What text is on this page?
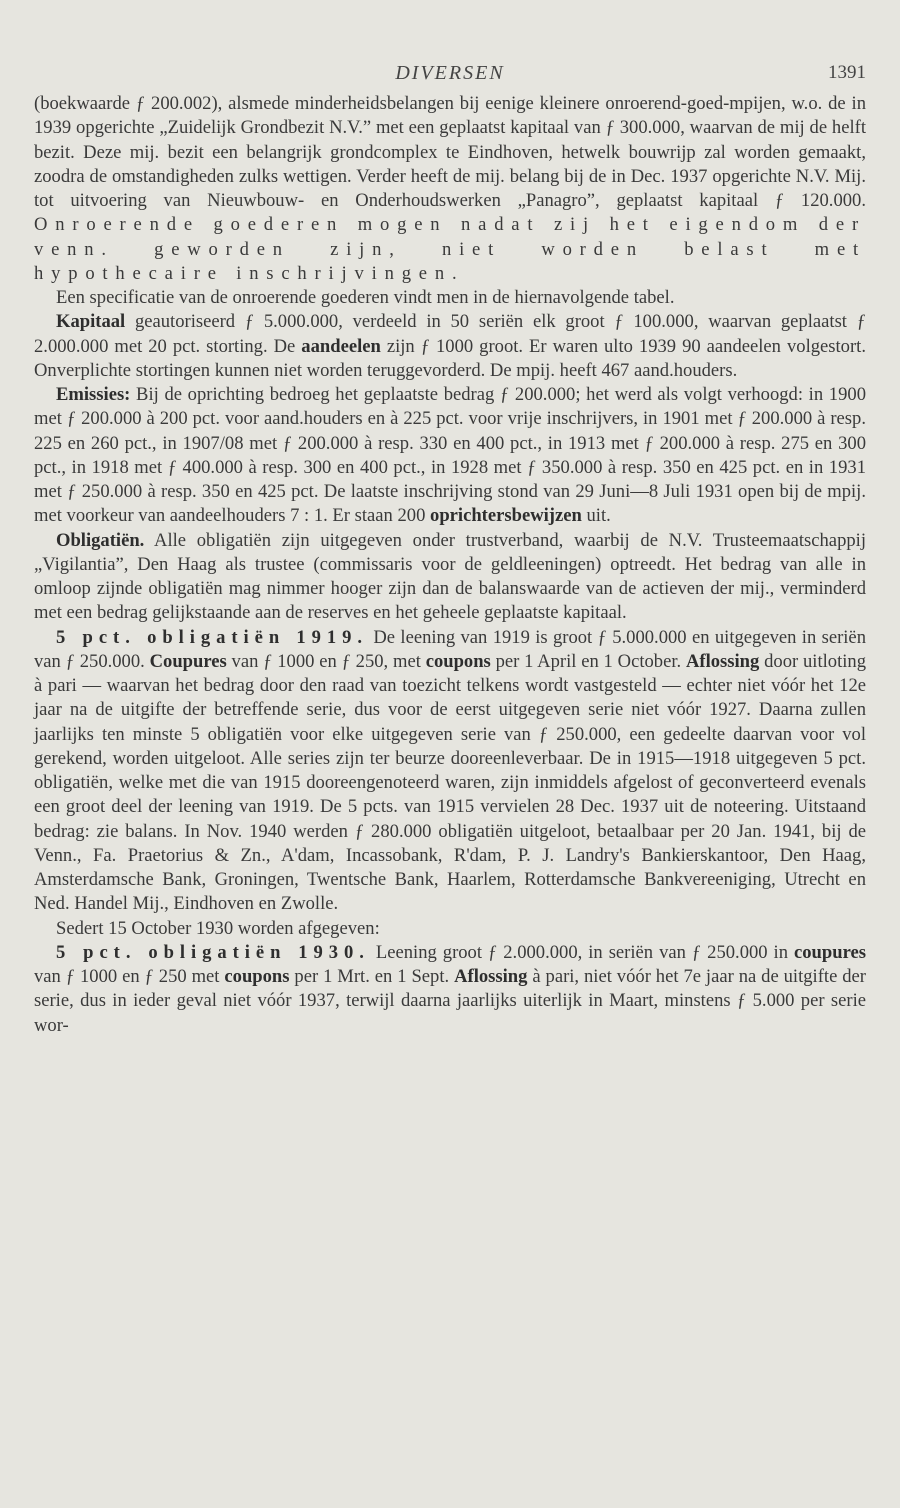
DIVERSEN	1391

(boekwaarde ƒ 200.002), alsmede minderheidsbelangen bij eenige kleinere onroerend-goed-mpijen, w.o. de in 1939 opgerichte „Zuidelijk Grondbezit N.V.” met een geplaatst kapitaal van ƒ 300.000, waarvan de mij de helft bezit. Deze mij. bezit een belangrijk grondcomplex te Eindhoven, hetwelk bouwrijp zal worden gemaakt, zoodra de omstandigheden zulks wettigen. Verder heeft de mij. belang bij de in Dec. 1937 opgerichte N.V. Mij. tot uitvoering van Nieuwbouw- en Onderhoudswerken „Panagro”, geplaatst kapitaal ƒ 120.000. Onroerende goederen mogen nadat zij het eigendom der venn. geworden zijn, niet worden belast met hypothecaire inschrijvingen.

Een specificatie van de onroerende goederen vindt men in de hiernavolgende tabel.

Kapitaal geautoriseerd ƒ 5.000.000, verdeeld in 50 seriën elk groot ƒ 100.000, waarvan geplaatst ƒ 2.000.000 met 20 pct. storting. De aandeelen zijn ƒ 1000 groot. Er waren ulto 1939 90 aandeelen volgestort. Onverplichte stortingen kunnen niet worden teruggevorderd. De mpij. heeft 467 aand.houders.

Emissies: Bij de oprichting bedroeg het geplaatste bedrag ƒ 200.000; het werd als volgt verhoogd: in 1900 met ƒ 200.000 à 200 pct. voor aand.houders en à 225 pct. voor vrije inschrijvers, in 1901 met ƒ 200.000 à resp. 225 en 260 pct., in 1907/08 met ƒ 200.000 à resp. 330 en 400 pct., in 1913 met ƒ 200.000 à resp. 275 en 300 pct., in 1918 met ƒ 400.000 à resp. 300 en 400 pct., in 1928 met ƒ 350.000 à resp. 350 en 425 pct. en in 1931 met ƒ 250.000 à resp. 350 en 425 pct. De laatste inschrijving stond van 29 Juni—8 Juli 1931 open bij de mpij. met voorkeur van aandeelhouders 7 : 1. Er staan 200 oprichtersbewijzen uit.

Obligatiën. Alle obligatiën zijn uitgegeven onder trustverband, waarbij de N.V. Trusteemaatschappij „Vigilantia”, Den Haag als trustee (commissaris voor de geldleeningen) optreedt. Het bedrag van alle in omloop zijnde obligatiën mag nimmer hooger zijn dan de balanswaarde van de actieven der mij., verminderd met een bedrag gelijkstaande aan de reserves en het geheele geplaatste kapitaal.

5 pct. obligatiën 1919. De leening van 1919 is groot ƒ 5.000.000 en uitgegeven in seriën van ƒ 250.000. Coupures van ƒ 1000 en ƒ 250, met coupons per 1 April en 1 October. Aflossing door uitloting à pari — waarvan het bedrag door den raad van toezicht telkens wordt vastgesteld — echter niet vóór het 12e jaar na de uitgifte der betreffende serie, dus voor de eerst uitgegeven serie niet vóór 1927. Daarna zullen jaarlijks ten minste 5 obligatiën voor elke uitgegeven serie van ƒ 250.000, een gedeelte daarvan voor vol gerekend, worden uitgeloot. Alle series zijn ter beurze dooreenleverbaar. De in 1915—1918 uitgegeven 5 pct. obligatiën, welke met die van 1915 dooreengenoteerd waren, zijn inmiddels afgelost of geconverteerd evenals een groot deel der leening van 1919. De 5 pcts. van 1915 vervielen 28 Dec. 1937 uit de noteering. Uitstaand bedrag: zie balans. In Nov. 1940 werden ƒ 280.000 obligatiën uitgeloot, betaalbaar per 20 Jan. 1941, bij de Venn., Fa. Praetorius & Zn., A'dam, Incassobank, R'dam, P. J. Landry's Bankierskantoor, Den Haag, Amsterdamsche Bank, Groningen, Twentsche Bank, Haarlem, Rotterdamsche Bankvereeniging, Utrecht en Ned. Handel Mij., Eindhoven en Zwolle.

Sedert 15 October 1930 worden afgegeven:

5 pct. obligatiën 1930. Leening groot ƒ 2.000.000, in seriën van ƒ 250.000 in coupures van ƒ 1000 en ƒ 250 met coupons per 1 Mrt. en 1 Sept. Aflossing à pari, niet vóór het 7e jaar na de uitgifte der serie, dus in ieder geval niet vóór 1937, terwijl daarna jaarlijks uiterlijk in Maart, minstens ƒ 5.000 per serie wor-
